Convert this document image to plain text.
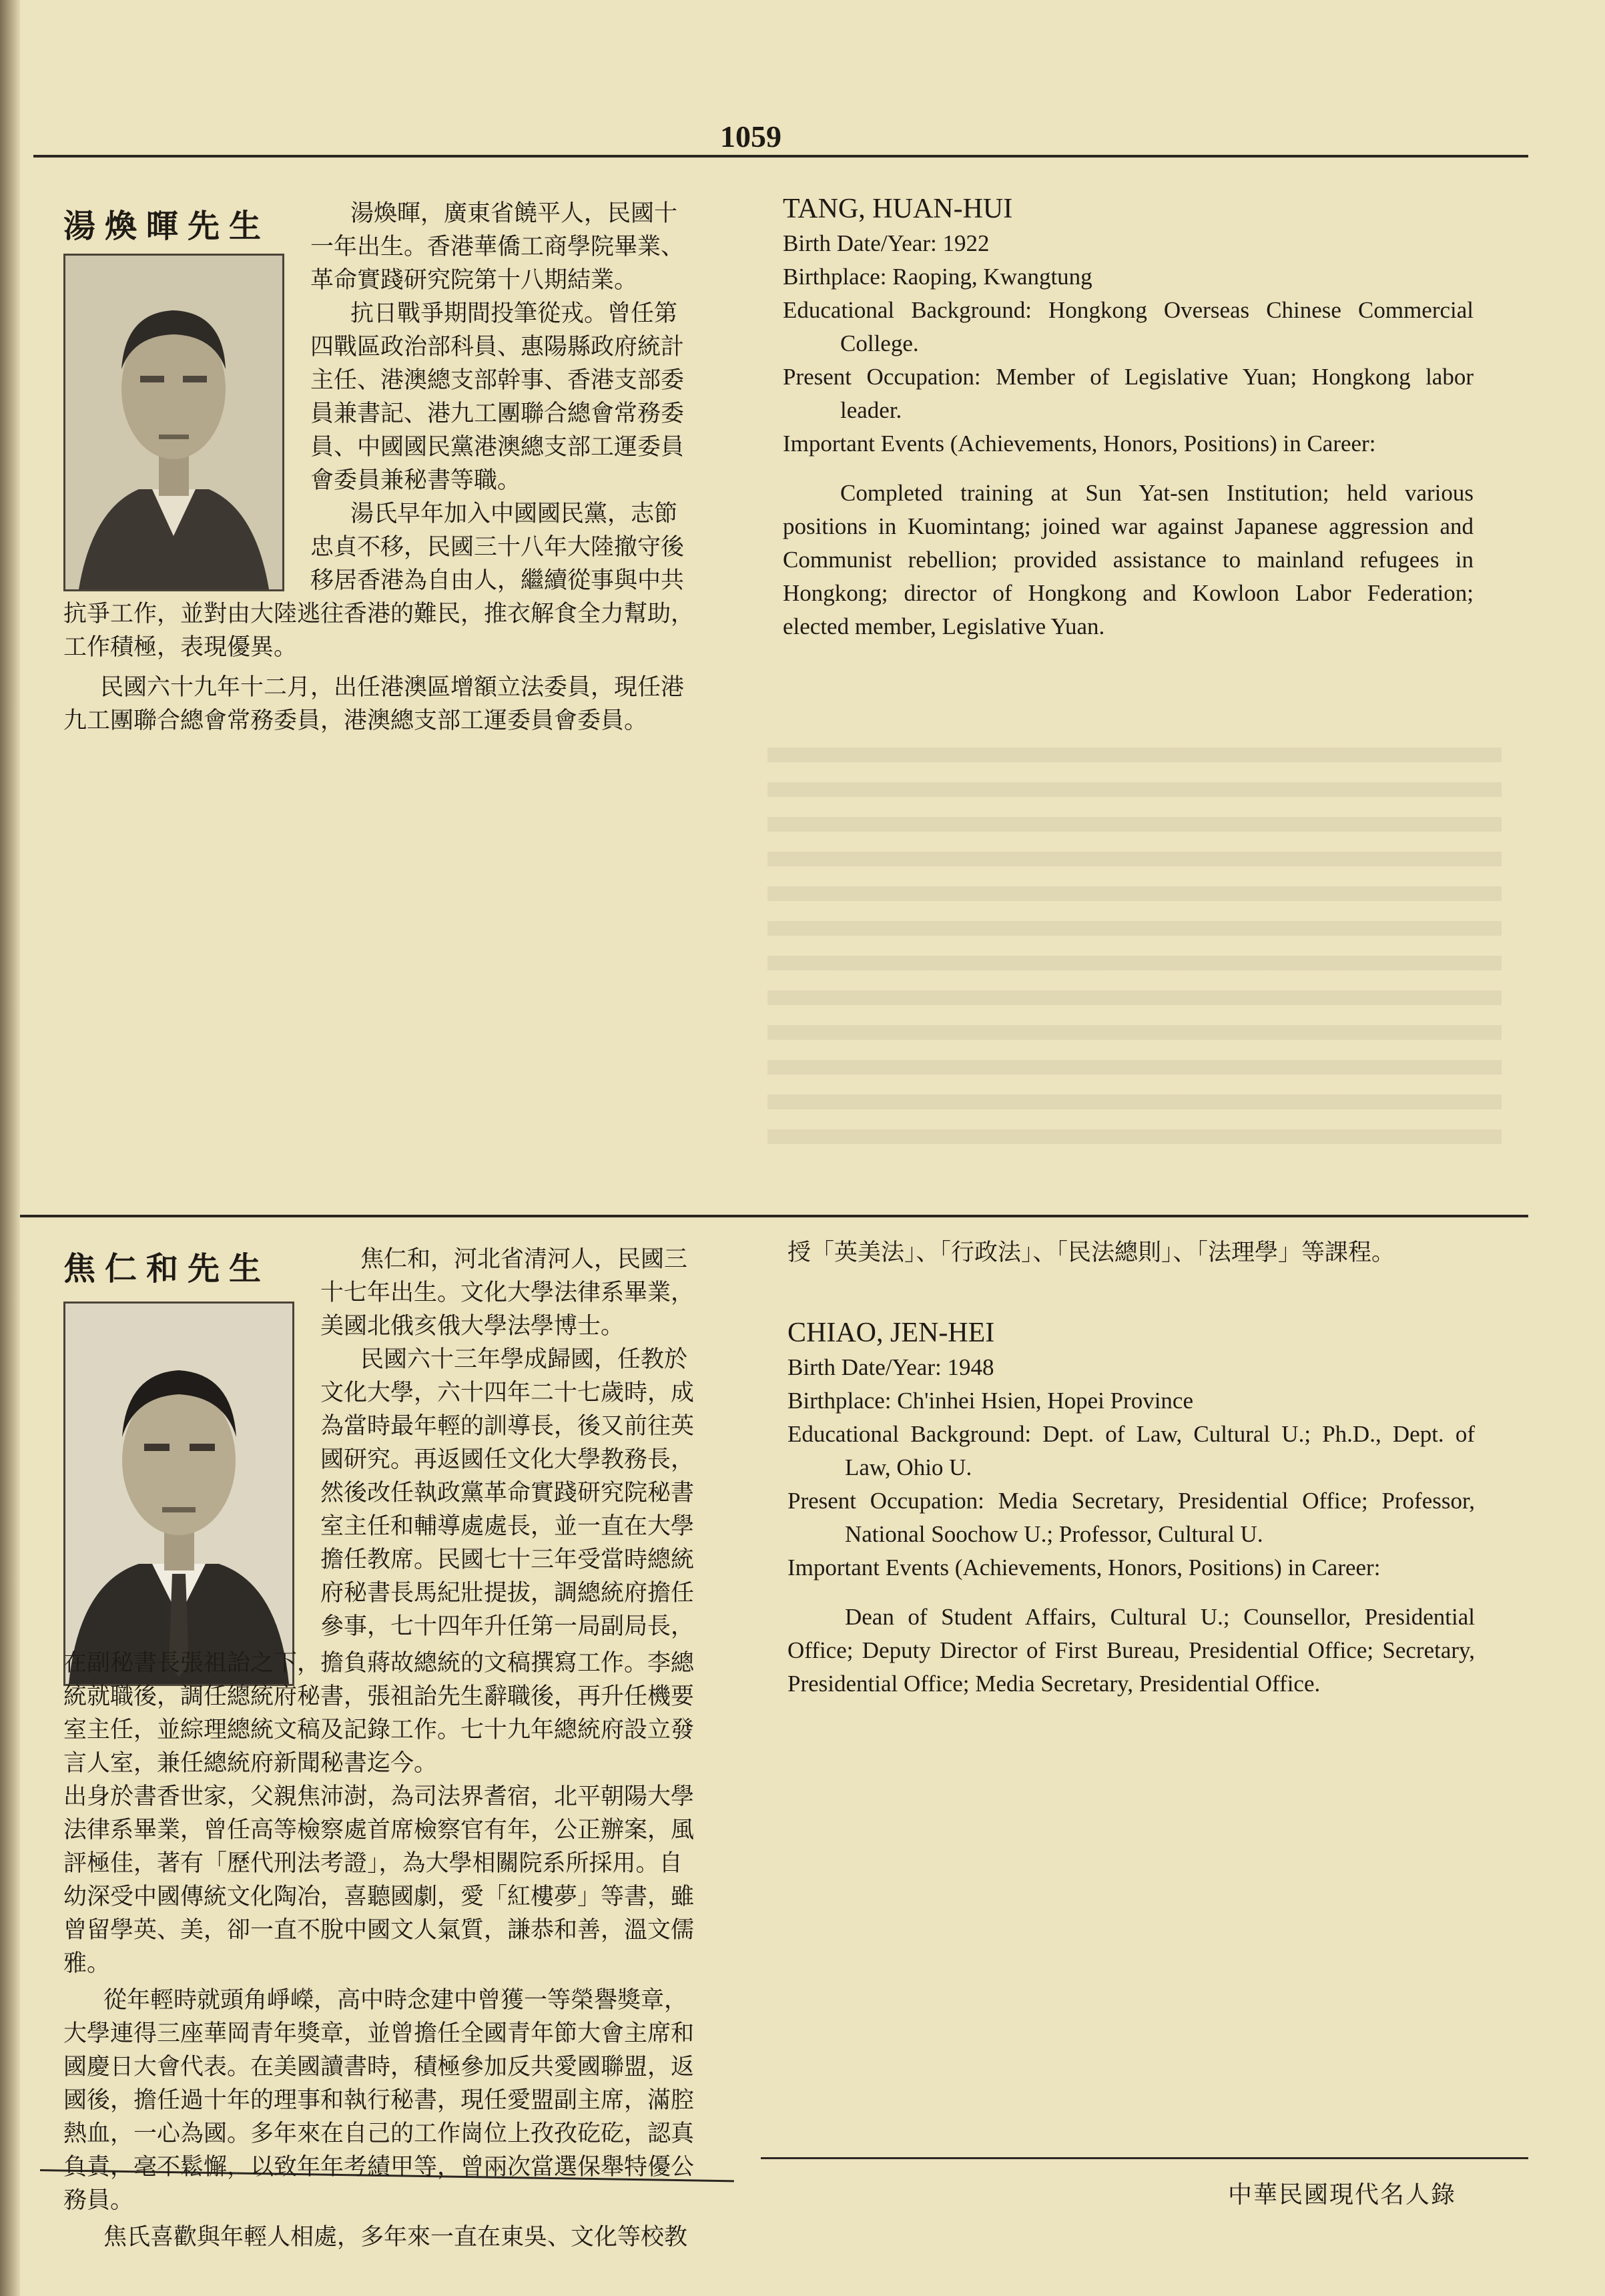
1059
湯煥暉先生	湯煥暉，廣東省饒平人，民國十
一年出生。香港華僑工商學院畢業、
革命實踐研究院第十八期結業。
抗日戰爭期間投筆從戎。曾任第
四戰區政治部科員、惠陽縣政府統計
主任、港澳總支部幹事、香港支部委
員兼書記、港九工團聯合總會常務委
員、中國國民黨港澳總支部工運委員
會委員兼秘書等職。
湯氏早年加入中國國民黨，志節
忠貞不移，民國三十八年大陸撤守後
移居香港為自由人，繼續從事與中共
抗爭工作，並對由大陸逃往香港的難民，推衣解食全力幫助，
工作積極，表現優異。
民國六十九年十二月，出任港澳區增額立法委員，現任港
九工團聯合總會常務委員，港澳總支部工運委員會委員。
TANG, HUAN-HUI
Birth Date/Year: 1922
Birthplace: Raoping, Kwangtung
Educational Background: Hongkong Overseas Chinese Commercial College.
Present Occupation: Member of Legislative Yuan; Hongkong labor leader.
Important Events (Achievements, Honors, Positions) in Career:
Completed training at Sun Yat-sen Institution; held various positions in Kuomintang; joined war against Japanese aggression and Communist rebellion; provided assistance to mainland refugees in Hongkong; director of Hongkong and Kowloon Labor Federation; elected member, Legislative Yuan.
焦仁和先生	焦仁和，河北省清河人，民國三
十七年出生。文化大學法律系畢業，
美國北俄亥俄大學法學博士。
民國六十三年學成歸國，任教於
文化大學，六十四年二十七歲時，成
為當時最年輕的訓導長，後又前往英
國研究。再返國任文化大學教務長，
然後改任執政黨革命實踐研究院秘書
室主任和輔導處處長，並一直在大學
擔任教席。民國七十三年受當時總統
府秘書長馬紀壯提拔，調總統府擔任
參事，七十四年升任第一局副局長，
在副秘書長張祖詒之下，擔負蔣故總統的文稿撰寫工作。李總
統就職後，調任總統府秘書，張祖詒先生辭職後，再升任機要
室主任，並綜理總統文稿及記錄工作。七十九年總統府設立發
言人室，兼任總統府新聞秘書迄今。
出身於書香世家，父親焦沛澍，為司法界耆宿，北平朝陽大學
法律系畢業，曾任高等檢察處首席檢察官有年，公正辦案，風
評極佳，著有「歷代刑法考證」，為大學相關院系所採用。自
幼深受中國傳統文化陶冶，喜聽國劇，愛「紅樓夢」等書，雖
曾留學英、美，卻一直不脫中國文人氣質，謙恭和善，溫文儒
雅。
從年輕時就頭角崢嶸，高中時念建中曾獲一等榮譽獎章，
大學連得三座華岡青年獎章，並曾擔任全國青年節大會主席和
國慶日大會代表。在美國讀書時，積極參加反共愛國聯盟，返
國後，擔任過十年的理事和執行秘書，現任愛盟副主席，滿腔
熱血，一心為國。多年來在自己的工作崗位上孜孜矻矻，認真
負責，毫不鬆懈，以致年年考績甲等，曾兩次當選保舉特優公
務員。
焦氏喜歡與年輕人相處，多年來一直在東吳、文化等校教
授「英美法」、「行政法」、「民法總則」、「法理學」等課程。
CHIAO, JEN-HEI
Birth Date/Year: 1948
Birthplace: Ch'inhei Hsien, Hopei Province
Educational Background: Dept. of Law, Cultural U.; Ph.D., Dept. of Law, Ohio U.
Present Occupation: Media Secretary, Presidential Office; Professor, National Soochow U.; Professor, Cultural U.
Important Events (Achievements, Honors, Positions) in Career:
Dean of Student Affairs, Cultural U.; Counsellor, Presidential Office; Deputy Director of First Bureau, Presidential Office; Secretary, Presidential Office; Media Secretary, Presidential Office.
中華民國現代名人錄
